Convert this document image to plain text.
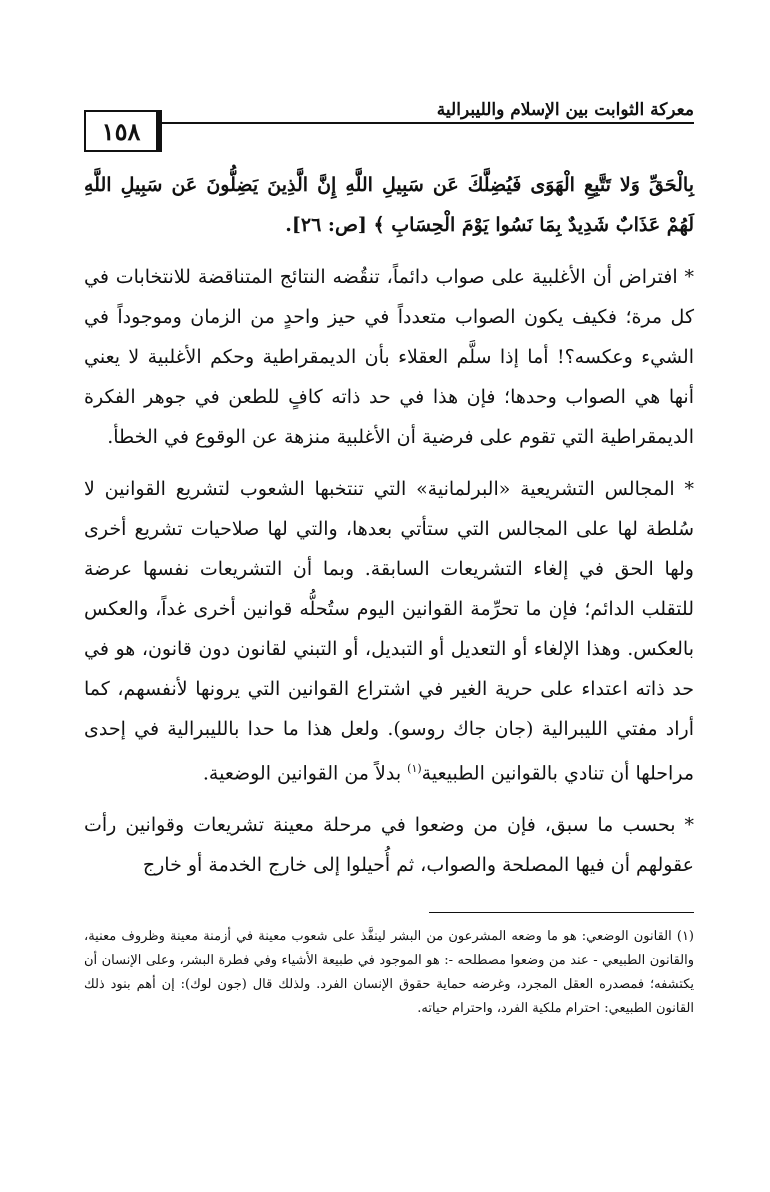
معركة الثوابت بين الإسلام والليبرالية
١٥٨

بِالْحَقِّ وَلا تَتَّبِعِ الْهَوَى فَيُضِلَّكَ عَن سَبِيلِ اللَّهِ إِنَّ الَّذِينَ يَضِلُّونَ عَن سَبِيلِ اللَّهِ لَهُمْ عَذَابٌ شَدِيدٌ بِمَا نَسُوا يَوْمَ الْحِسَابِ ﴾ [ص: ٢٦].

* افتراض أن الأغلبية على صواب دائماً، تنقُضه النتائج المتناقضة للانتخابات في كل مرة؛ فكيف يكون الصواب متعدداً في حيز واحدٍ من الزمان وموجوداً في الشيء وعكسه؟! أما إذا سلَّم العقلاء بأن الديمقراطية وحكم الأغلبية لا يعني أنها هي الصواب وحدها؛ فإن هذا في حد ذاته كافٍ للطعن في جوهر الفكرة الديمقراطية التي تقوم على فرضية أن الأغلبية منزهة عن الوقوع في الخطأ.

* المجالس التشريعية «البرلمانية» التي تنتخبها الشعوب لتشريع القوانين لا سُلطة لها على المجالس التي ستأتي بعدها، والتي لها صلاحيات تشريع أخرى ولها الحق في إلغاء التشريعات السابقة. وبما أن التشريعات نفسها عرضة للتقلب الدائم؛ فإن ما تحرِّمة القوانين اليوم ستُحلُّه قوانين أخرى غداً، والعكس بالعكس. وهذا الإلغاء أو التعديل أو التبديل، أو التبني لقانون دون قانون، هو في حد ذاته اعتداء على حرية الغير في اشتراع القوانين التي يرونها لأنفسهم، كما أراد مفتي الليبرالية (جان جاك روسو). ولعل هذا ما حدا بالليبرالية في إحدى مراحلها أن تنادي بالقوانين الطبيعية$^{(١)}$ بدلاً من القوانين الوضعية.

* بحسب ما سبق، فإن من وضعوا في مرحلة معينة تشريعات وقوانين رأت عقولهم أن فيها المصلحة والصواب، ثم أُحيلوا إلى خارج الخدمة أو خارج

(١) القانون الوضعي: هو ما وضعه المشرعون من البشر لينفَّذ على شعوب معينة في أزمنة معينة وظروف معنية، والقانون الطبيعي - عند من وضعوا مصطلحه -: هو الموجود في طبيعة الأشياء وفي فطرة البشر، وعلى الإنسان أن يكتشفه؛ فمصدره العقل المجرد، وغرضه حماية حقوق الإنسان الفرد. ولذلك قال (جون لوك): إن أهم بنود ذلك القانون الطبيعي: احترام ملكية الفرد، واحترام حياته.
